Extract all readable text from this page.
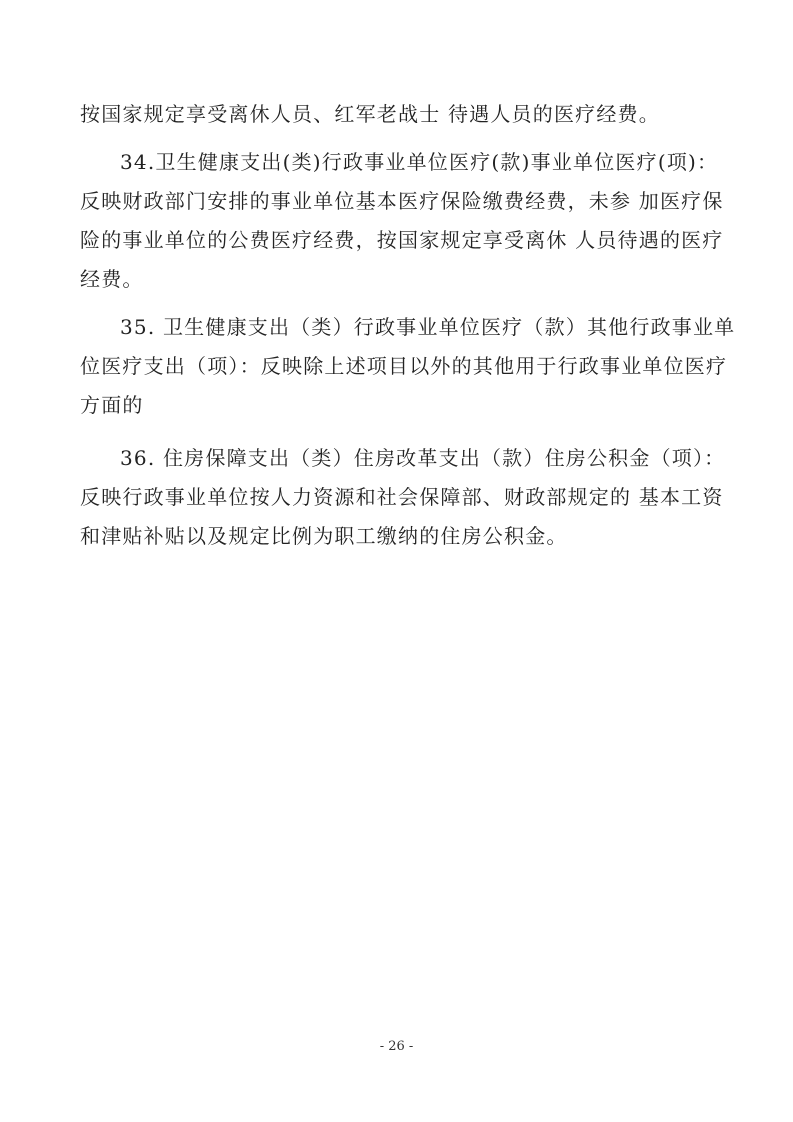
按国家规定享受离休人员、红军老战士 待遇人员的医疗经费。
34.卫生健康支出(类)行政事业单位医疗(款)事业单位医疗(项)：
反映财政部门安排的事业单位基本医疗保险缴费经费，未参 加医疗保
险的事业单位的公费医疗经费，按国家规定享受离休 人员待遇的医疗
经费。
35. 卫生健康支出（类）行政事业单位医疗（款）其他行政事业单
位医疗支出（项）：反映除上述项目以外的其他用于行政事业单位医疗
方面的
36. 住房保障支出（类）住房改革支出（款）住房公积金（项）：
反映行政事业单位按人力资源和社会保障部、财政部规定的 基本工资
和津贴补贴以及规定比例为职工缴纳的住房公积金。
- 26 -
